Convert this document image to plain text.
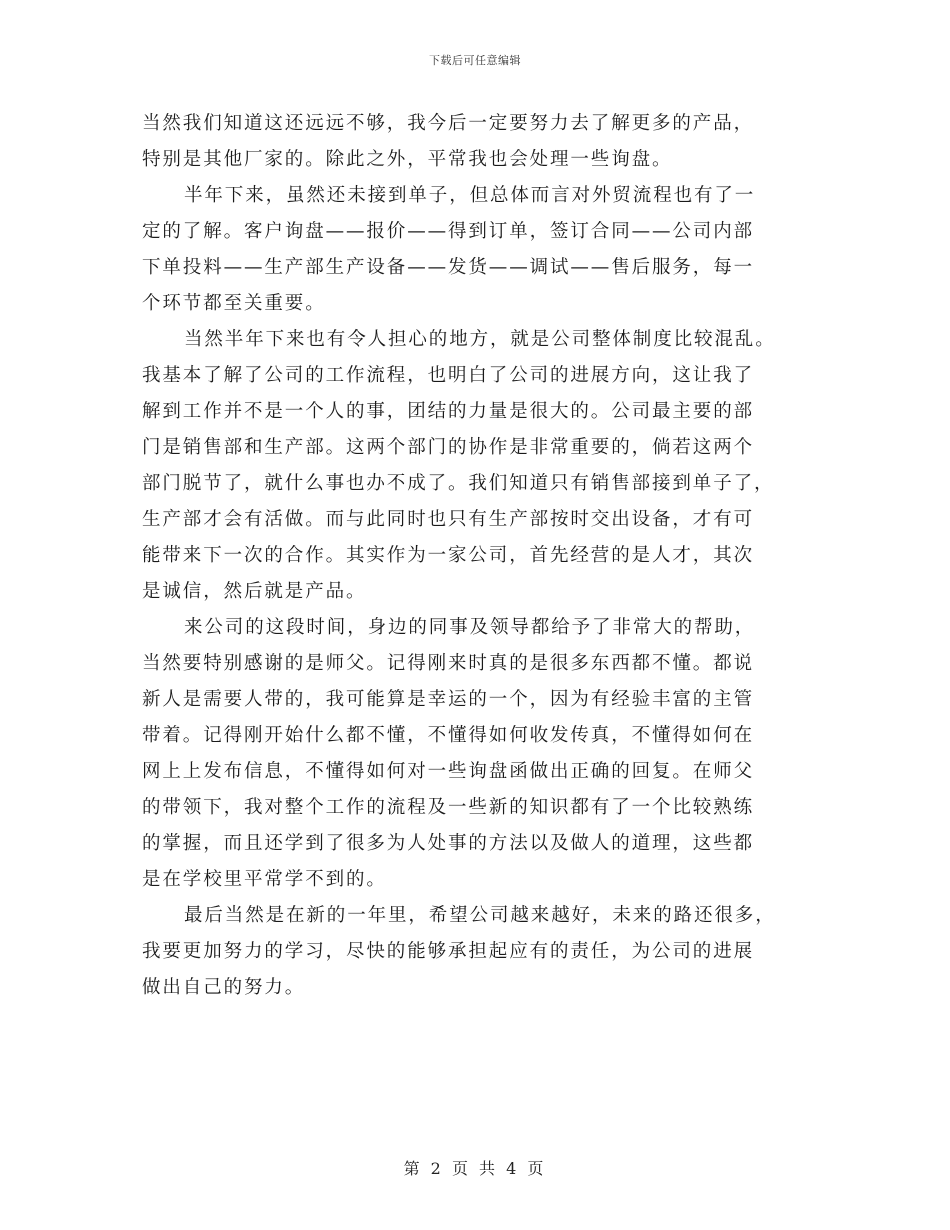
下载后可任意编辑
当然我们知道这还远远不够，我今后一定要努力去了解更多的产品，
特别是其他厂家的。除此之外，平常我也会处理一些询盘。
半年下来，虽然还未接到单子，但总体而言对外贸流程也有了一
定的了解。客户询盘——报价——得到订单，签订合同——公司内部
下单投料——生产部生产设备——发货——调试——售后服务，每一
个环节都至关重要。
当然半年下来也有令人担心的地方，就是公司整体制度比较混乱。
我基本了解了公司的工作流程，也明白了公司的进展方向，这让我了
解到工作并不是一个人的事，团结的力量是很大的。公司最主要的部
门是销售部和生产部。这两个部门的协作是非常重要的，倘若这两个
部门脱节了，就什么事也办不成了。我们知道只有销售部接到单子了，
生产部才会有活做。而与此同时也只有生产部按时交出设备，才有可
能带来下一次的合作。其实作为一家公司，首先经营的是人才，其次
是诚信，然后就是产品。
来公司的这段时间，身边的同事及领导都给予了非常大的帮助，
当然要特别感谢的是师父。记得刚来时真的是很多东西都不懂。都说
新人是需要人带的，我可能算是幸运的一个，因为有经验丰富的主管
带着。记得刚开始什么都不懂，不懂得如何收发传真，不懂得如何在
网上上发布信息，不懂得如何对一些询盘函做出正确的回复。在师父
的带领下，我对整个工作的流程及一些新的知识都有了一个比较熟练
的掌握，而且还学到了很多为人处事的方法以及做人的道理，这些都
是在学校里平常学不到的。
最后当然是在新的一年里，希望公司越来越好，未来的路还很多，
我要更加努力的学习，尽快的能够承担起应有的责任，为公司的进展
做出自己的努力。
第 2 页 共 4 页
